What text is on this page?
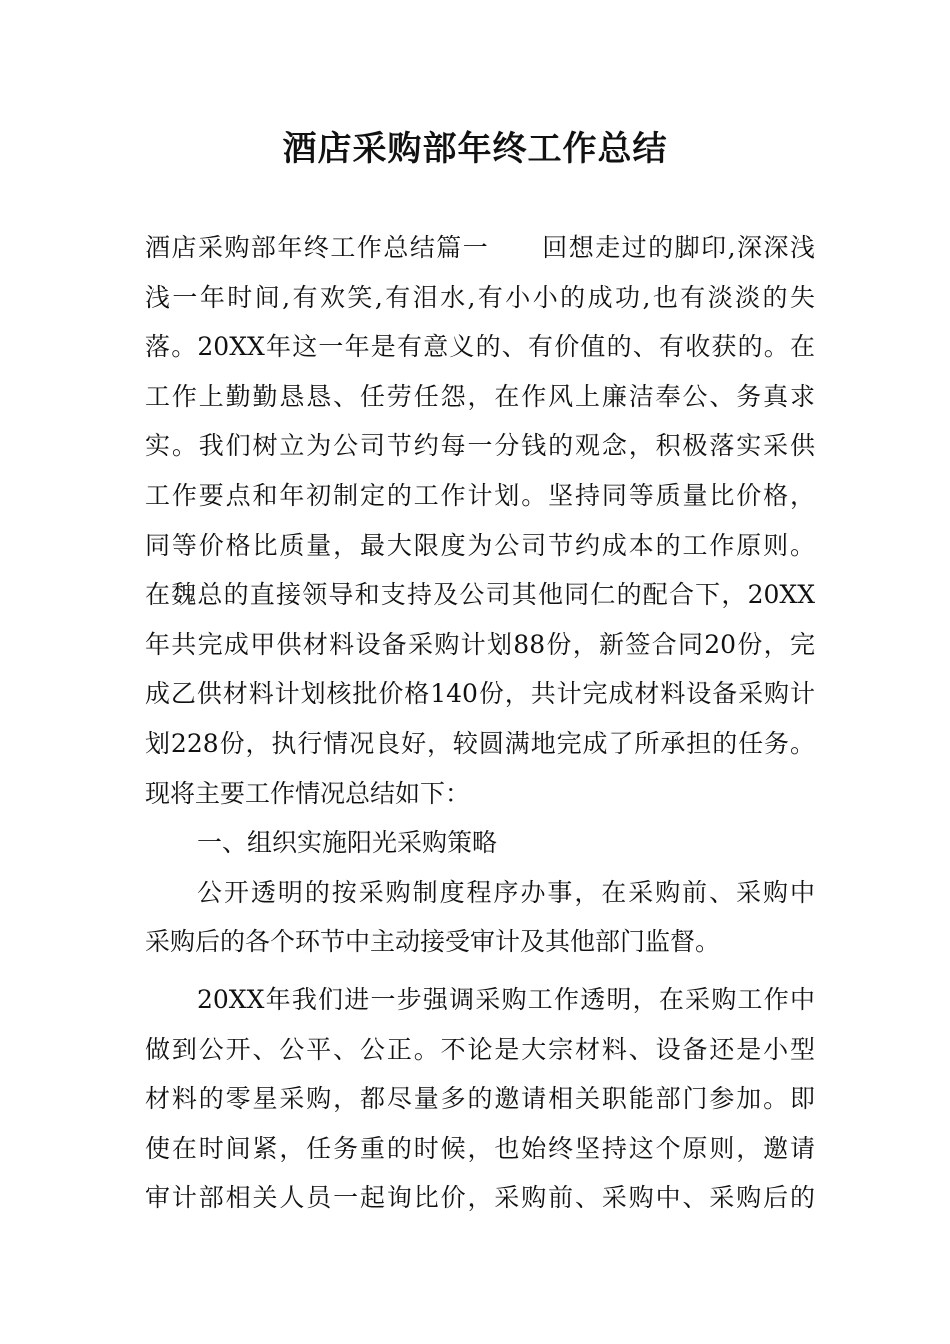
酒店采购部年终工作总结
酒店采购部年终工作总结篇一　　回想走过的脚印,深深浅
浅一年时间,有欢笑,有泪水,有小小的成功,也有淡淡的失
落。20XX年这一年是有意义的、有价值的、有收获的。在
工作上勤勤恳恳、任劳任怨，在作风上廉洁奉公、务真求
实。我们树立为公司节约每一分钱的观念，积极落实采供
工作要点和年初制定的工作计划。坚持同等质量比价格，
同等价格比质量，最大限度为公司节约成本的工作原则。
在魏总的直接领导和支持及公司其他同仁的配合下，20XX
年共完成甲供材料设备采购计划88份，新签合同20份，完
成乙供材料计划核批价格140份，共计完成材料设备采购计
划228份，执行情况良好，较圆满地完成了所承担的任务。
现将主要工作情况总结如下：
一、组织实施阳光采购策略
公开透明的按采购制度程序办事，在采购前、采购中
采购后的各个环节中主动接受审计及其他部门监督。
20XX年我们进一步强调采购工作透明，在采购工作中
做到公开、公平、公正。不论是大宗材料、设备还是小型
材料的零星采购，都尽量多的邀请相关职能部门参加。即
使在时间紧，任务重的时候，也始终坚持这个原则，邀请
审计部相关人员一起询比价，采购前、采购中、采购后的
